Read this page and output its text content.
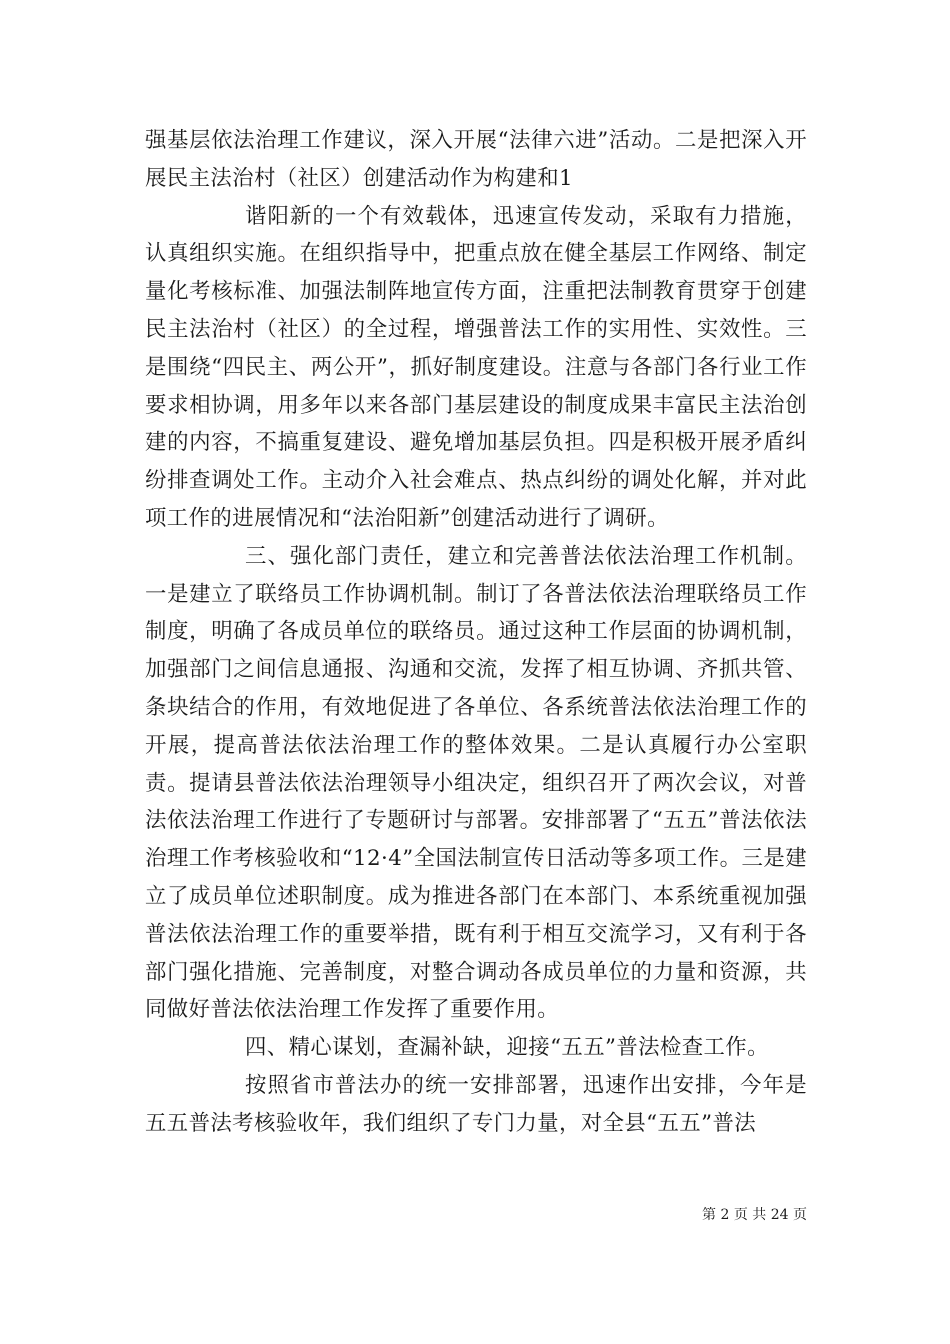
强基层依法治理工作建议，深入开展“法律六进”活动。二是把深入开展民主法治村（社区）创建活动作为构建和1

谐阳新的一个有效载体，迅速宣传发动，采取有力措施，认真组织实施。在组织指导中，把重点放在健全基层工作网络、制定量化考核标准、加强法制阵地宣传方面，注重把法制教育贯穿于创建民主法治村（社区）的全过程，增强普法工作的实用性、实效性。三是围绕“四民主、两公开”，抓好制度建设。注意与各部门各行业工作要求相协调，用多年以来各部门基层建设的制度成果丰富民主法治创建的内容，不搞重复建设、避免增加基层负担。四是积极开展矛盾纠纷排查调处工作。主动介入社会难点、热点纠纷的调处化解，并对此项工作的进展情况和“法治阳新”创建活动进行了调研。

三、强化部门责任，建立和完善普法依法治理工作机制。一是建立了联络员工作协调机制。制订了各普法依法治理联络员工作制度，明确了各成员单位的联络员。通过这种工作层面的协调机制，加强部门之间信息通报、沟通和交流，发挥了相互协调、齐抓共管、条块结合的作用，有效地促进了各单位、各系统普法依法治理工作的开展，提高普法依法治理工作的整体效果。二是认真履行办公室职责。提请县普法依法治理领导小组决定，组织召开了两次会议，对普法依法治理工作进行了专题研讨与部署。安排部署了“五五”普法依法治理工作考核验收和“12·4”全国法制宣传日活动等多项工作。三是建立了成员单位述职制度。成为推进各部门在本部门、本系统重视加强普法依法治理工作的重要举措，既有利于相互交流学习，又有利于各部门强化措施、完善制度，对整合调动各成员单位的力量和资源，共同做好普法依法治理工作发挥了重要作用。

四、精心谋划，查漏补缺，迎接“五五”普法检查工作。

按照省市普法办的统一安排部署，迅速作出安排，今年是五五普法考核验收年，我们组织了专门力量，对全县“五五”普法

第 2 页 共 24 页
